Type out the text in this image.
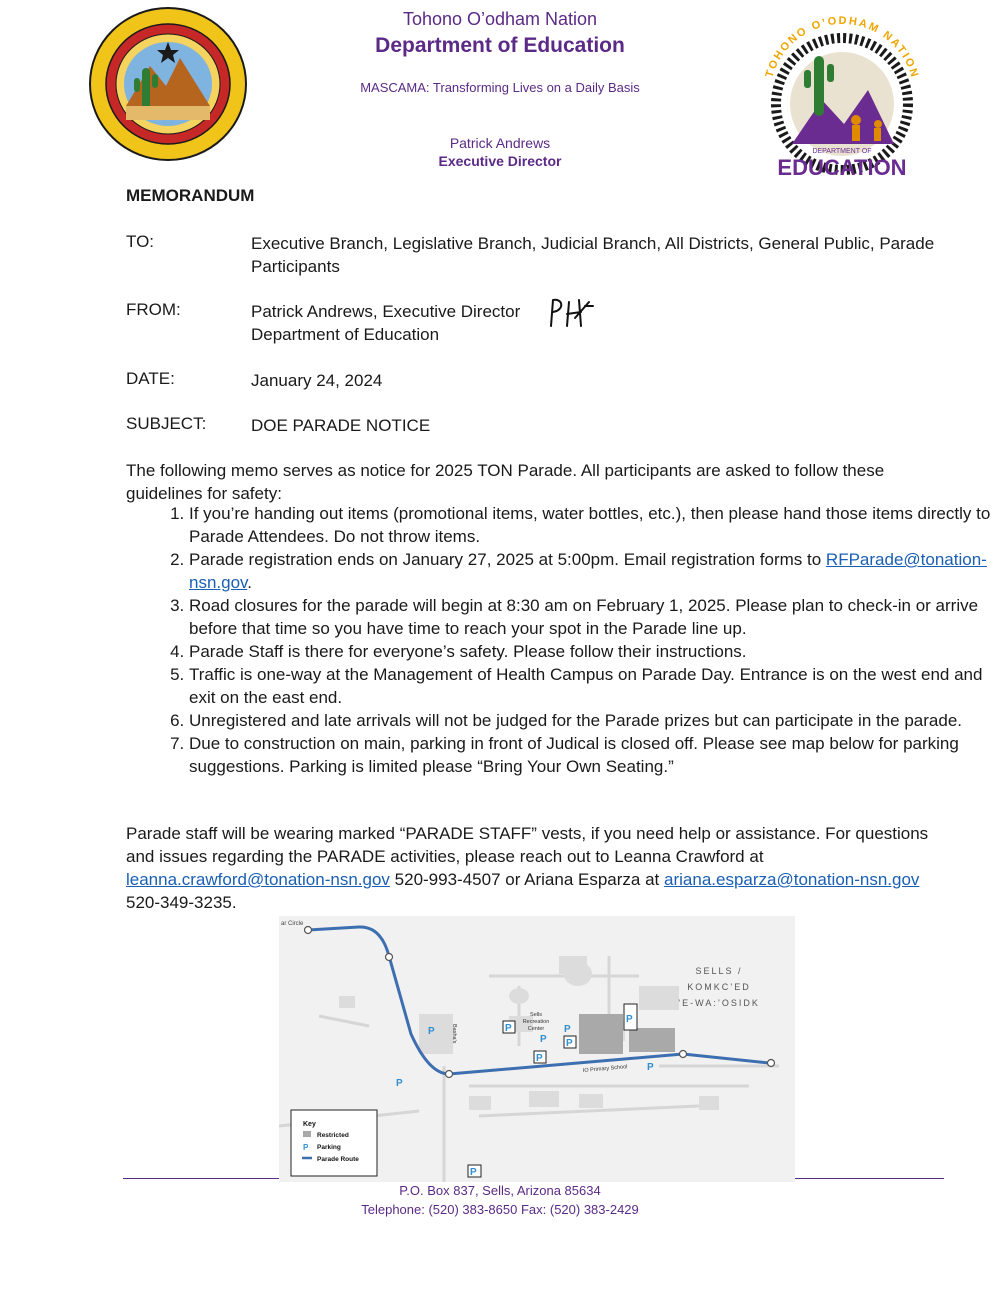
Tohono O’odham Nation
Department of Education
MASCAMA: Transforming Lives on a Daily Basis
Patrick Andrews
Executive Director
TOHONO O’ODHAM NATION
DEPARTMENT OF
EDUCATION
MEMORANDUM
TO:	Executive Branch, Legislative Branch, Judicial Branch, All Districts, General Public, Parade Participants
FROM:	Patrick Andrews, Executive Director
Department of Education
DATE:	January 24, 2024
SUBJECT:	DOE PARADE NOTICE
The following memo serves as notice for 2025 TON Parade. All participants are asked to follow these guidelines for safety:
1. If you’re handing out items (promotional items, water bottles, etc.), then please hand those items directly to Parade Attendees. Do not throw items.
2. Parade registration ends on January 27, 2025 at 5:00pm. Email registration forms to RFParade@tonation-nsn.gov.
3. Road closures for the parade will begin at 8:30 am on February 1, 2025. Please plan to check-in or arrive before that time so you have time to reach your spot in the Parade line up.
4. Parade Staff is there for everyone’s safety. Please follow their instructions.
5. Traffic is one-way at the Management of Health Campus on Parade Day. Entrance is on the west end and exit on the east end.
6. Unregistered and late arrivals will not be judged for the Parade prizes but can participate in the parade.
7. Due to construction on main, parking in front of Judical is closed off. Please see map below for parking suggestions. Parking is limited please “Bring Your Own Seating.”
Parade staff will be wearing marked “PARADE STAFF” vests, if you need help or assistance. For questions and issues regarding the PARADE activities, please reach out to Leanna Crawford at leanna.crawford@tonation-nsn.gov 520-993-4507 or Ariana Esparza at ariana.esparza@tonation-nsn.gov 520-349-3235.
ar Circle
SELLS /
KOMKC’ED
’E-WA:’OSIDK
Sells
Recreation
Center
IO Primary School
Basha's
P
P
P
P
P
P
P
P
P
P
Key
Restricted
P Parking
Parade Route
P.O. Box 837, Sells, Arizona 85634
Telephone: (520) 383-8650 Fax: (520) 383-2429
